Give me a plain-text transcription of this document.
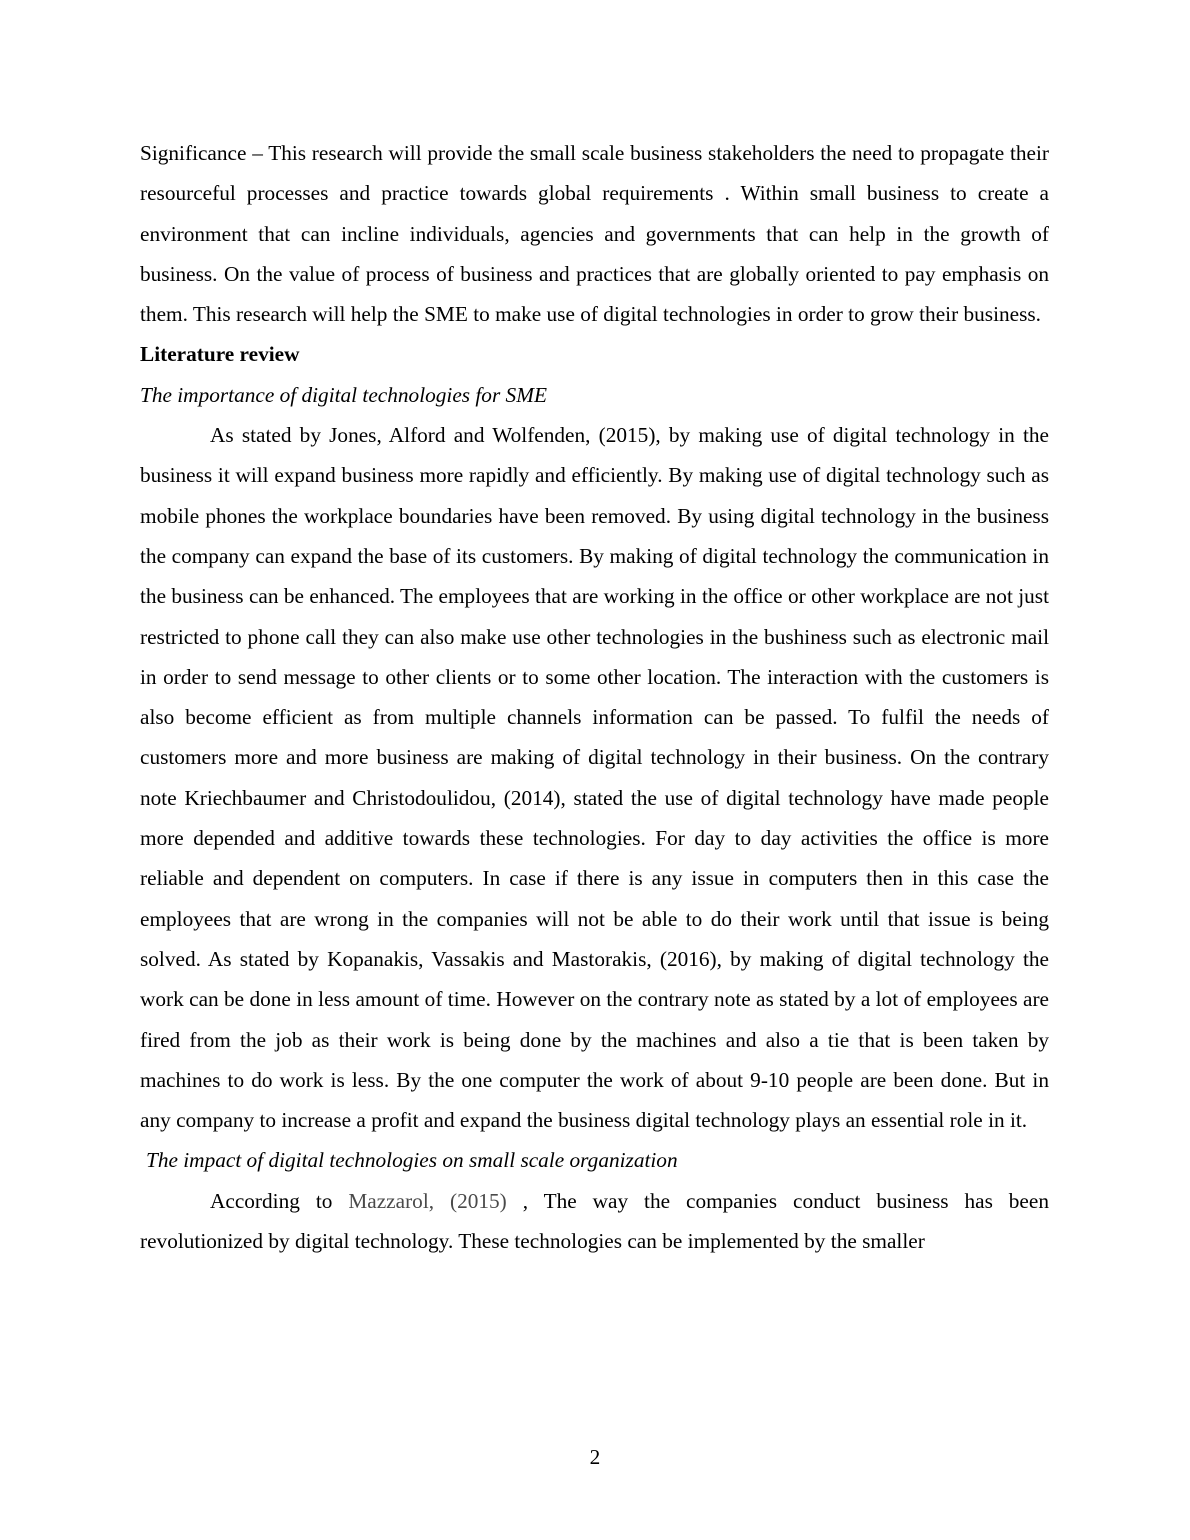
Significance – This research will provide the small scale business stakeholders the need to propagate their resourceful processes and practice towards global requirements . Within small business to create a environment that can incline individuals, agencies and governments that can help in the growth of business. On the value of process of business and practices that are globally oriented to pay emphasis on them. This research will help the SME to make use of digital technologies in order to grow their business.

Literature review

The importance of digital technologies for SME

As stated by Jones, Alford and Wolfenden, (2015), by making use of digital technology in the business it will expand business more rapidly and efficiently. By making use of digital technology such as mobile phones the workplace boundaries have been removed. By using digital technology in the business the company can expand the base of its customers. By making of digital technology the communication in the business can be enhanced. The employees that are working in the office or other workplace are not just restricted to phone call they can also make use other technologies in the bushiness such as electronic mail in order to send message to other clients or to some other location. The interaction with the customers is also become efficient as from multiple channels information can be passed. To fulfil the needs of customers more and more business are making of digital technology in their business. On the contrary note Kriechbaumer and Christodoulidou, (2014), stated the use of digital technology have made people more depended and additive towards these technologies. For day to day activities the office is more reliable and dependent on computers. In case if there is any issue in computers then in this case the employees that are wrong in the companies will not be able to do their work until that issue is being solved. As stated by Kopanakis, Vassakis and Mastorakis, (2016), by making of digital technology the work can be done in less amount of time. However on the contrary note as stated by a lot of employees are fired from the job as their work is being done by the machines and also a tie that is been taken by machines to do work is less. By the one computer the work of about 9-10 people are been done. But in any company to increase a profit and expand the business digital technology plays an essential role in it.

The impact of digital technologies on small scale organization

According to Mazzarol, (2015) , The way the companies conduct business has been revolutionized by digital technology. These technologies can be implemented by the smaller

2
